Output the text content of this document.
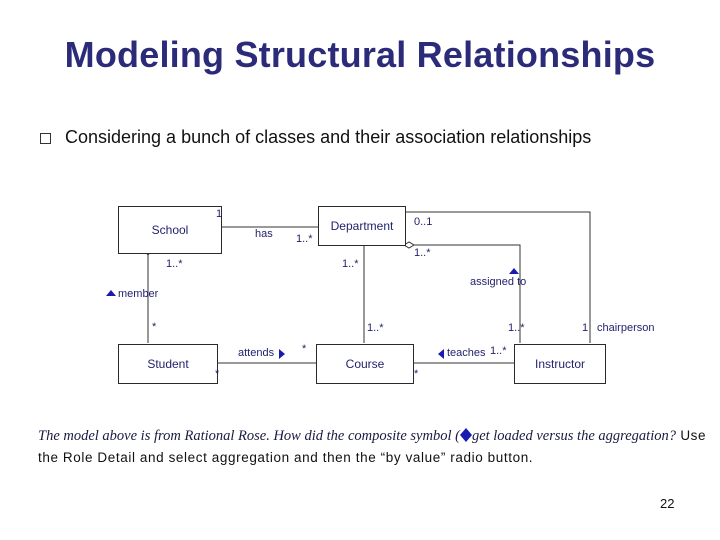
Modeling Structural Relationships
Considering a bunch of classes and their association relationships
School	Department
Student	Course	Instructor
1
has 1..*
0..1
1..*
1..*	1..*
assigned to
member
*	1..*	1..*	1 chairperson
attends
*
*	teaches 1..*
*
The model above is from Rational Rose. How did the composite symbol ( get loaded versus the aggregation? Use the Role Detail and select aggregation and then the “by value” radio button.
22
